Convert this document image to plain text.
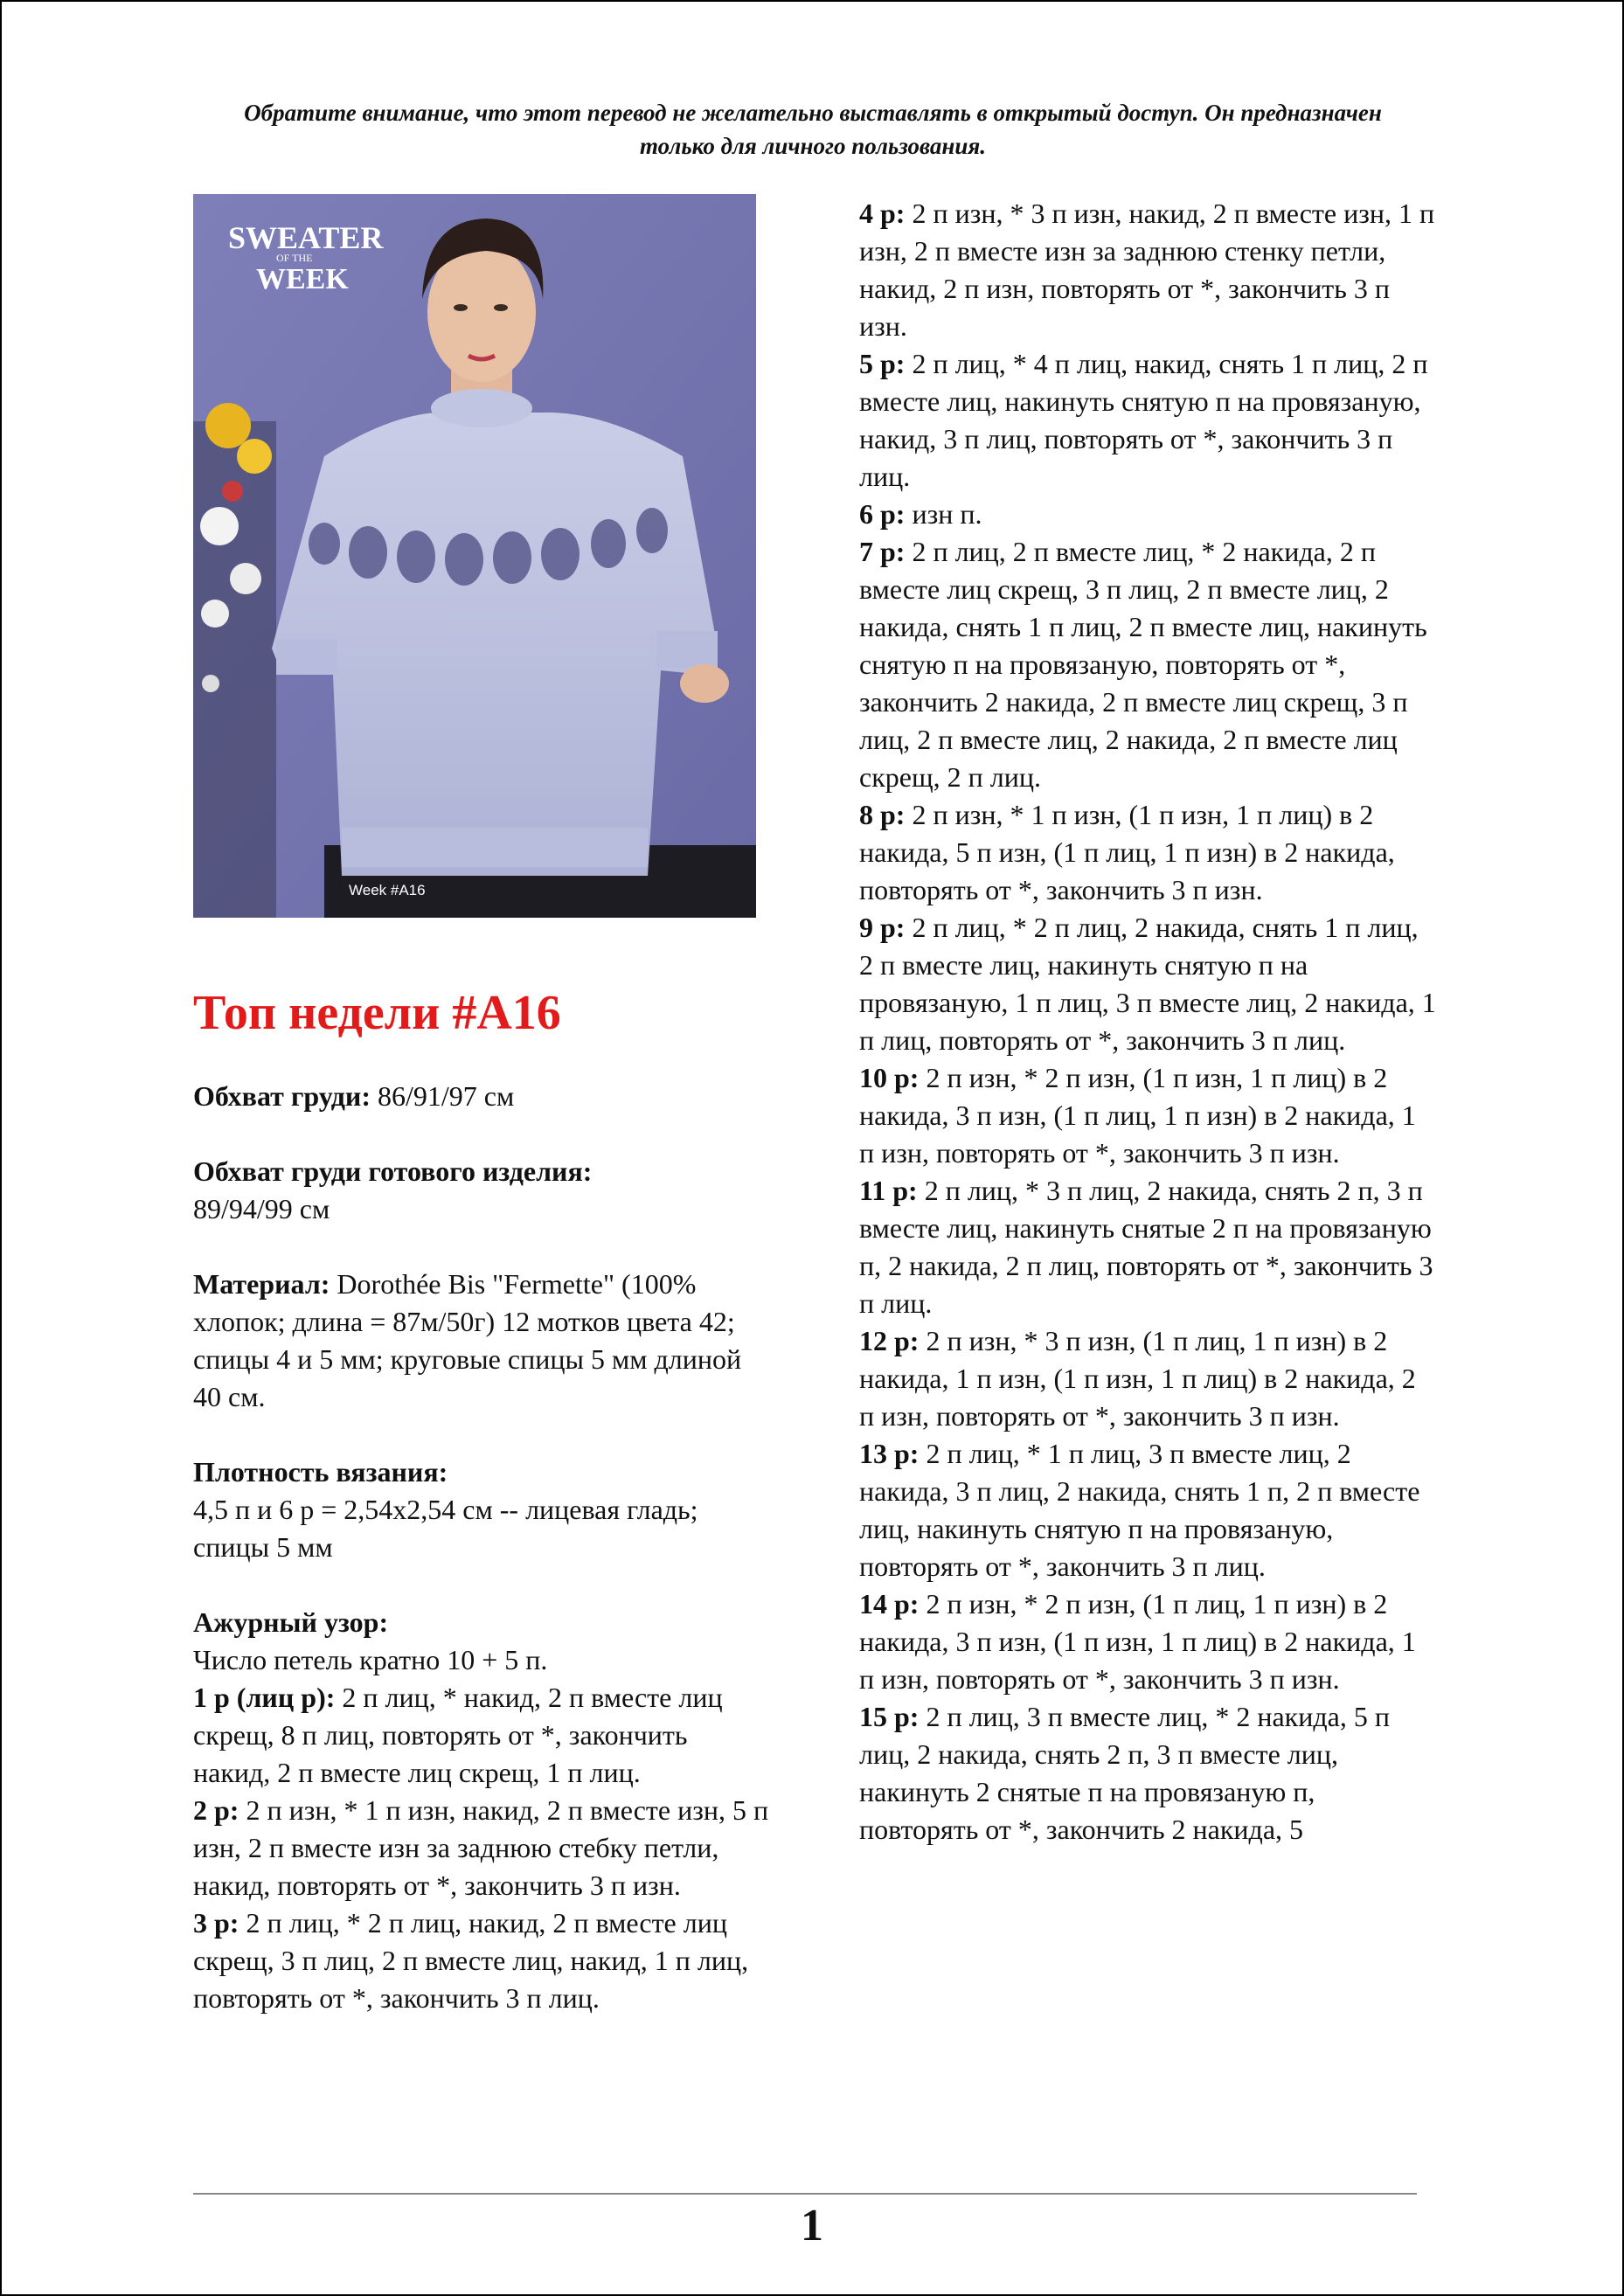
Обратите внимание, что этот перевод не желательно выставлять в открытый доступ. Он предназначен только для личного пользования.
SWEATER
OF THE
WEEK
Week #A16
Топ недели #A16

Обхват груди: 86/91/97 см

Обхват груди готового изделия:

89/94/99 см

Материал: Dorothée Bis "Fermette" (100% хлопок; длина = 87м/50г) 12 мотков цвета 42; спицы 4 и 5 мм; круговые спицы 5 мм длиной 40 см.

Плотность вязания:

4,5 п и 6 р = 2,54х2,54 см -- лицевая гладь; спицы 5 мм

Ажурный узор:

Число петель кратно 10 + 5 п.

1 р (лиц р): 2 п лиц, * накид, 2 п вместе лиц скрещ, 8 п лиц, повторять от *, закончить накид, 2 п вместе лиц скрещ, 1 п лиц.

2 р: 2 п изн, * 1 п изн, накид, 2 п вместе изн, 5 п изн, 2 п вместе изн за заднюю стебку петли, накид, повторять от *, закончить 3 п изн.

3 р: 2 п лиц, * 2 п лиц, накид, 2 п вместе лиц скрещ, 3 п лиц, 2 п вместе лиц, накид, 1 п лиц, повторять от *, закончить 3 п лиц.

4 р: 2 п изн, * 3 п изн, накид, 2 п вместе изн, 1 п изн, 2 п вместе изн за заднюю стенку петли, накид, 2 п изн, повторять от *, закончить 3 п изн.

5 р: 2 п лиц, * 4 п лиц, накид, снять 1 п лиц, 2 п вместе лиц, накинуть снятую п на провязаную, накид, 3 п лиц, повторять от *, закончить 3 п лиц.

6 р: изн п.

7 р: 2 п лиц, 2 п вместе лиц, * 2 накида, 2 п вместе лиц скрещ, 3 п лиц, 2 п вместе лиц, 2 накида, снять 1 п лиц, 2 п вместе лиц, накинуть снятую п на провязаную, повторять от *, закончить 2 накида, 2 п вместе лиц скрещ, 3 п лиц, 2 п вместе лиц, 2 накида, 2 п вместе лиц скрещ, 2 п лиц.

8 р: 2 п изн, * 1 п изн, (1 п изн, 1 п лиц) в 2 накида, 5 п изн, (1 п лиц, 1 п изн) в 2 накида, повторять от *, закончить 3 п изн.

9 р: 2 п лиц, * 2 п лиц, 2 накида, снять 1 п лиц, 2 п вместе лиц, накинуть снятую п на провязаную, 1 п лиц, 3 п вместе лиц, 2 накида, 1 п лиц, повторять от *, закончить 3 п лиц.

10 р: 2 п изн, * 2 п изн, (1 п изн, 1 п лиц) в 2 накида, 3 п изн, (1 п лиц, 1 п изн) в 2 накида, 1 п изн, повторять от *, закончить 3 п изн.

11 р: 2 п лиц, * 3 п лиц, 2 накида, снять 2 п, 3 п вместе лиц, накинуть снятые 2 п на провязаную п, 2 накида, 2 п лиц, повторять от *, закончить 3 п лиц.

12 р: 2 п изн, * 3 п изн, (1 п лиц, 1 п изн) в 2 накида, 1 п изн, (1 п изн, 1 п лиц) в 2 накида, 2 п изн, повторять от *, закончить 3 п изн.

13 р: 2 п лиц, * 1 п лиц, 3 п вместе лиц, 2 накида, 3 п лиц, 2 накида, снять 1 п, 2 п вместе лиц, накинуть снятую п на провязаную, повторять от *, закончить 3 п лиц.

14 р: 2 п изн, * 2 п изн, (1 п лиц, 1 п изн) в 2 накида, 3 п изн, (1 п изн, 1 п лиц) в 2 накида, 1 п изн, повторять от *, закончить 3 п изн.

15 р: 2 п лиц, 3 п вместе лиц, * 2 накида, 5 п лиц, 2 накида, снять 2 п, 3 п вместе лиц, накинуть 2 снятые п на провязаную п, повторять от *, закончить 2 накида, 5

1
